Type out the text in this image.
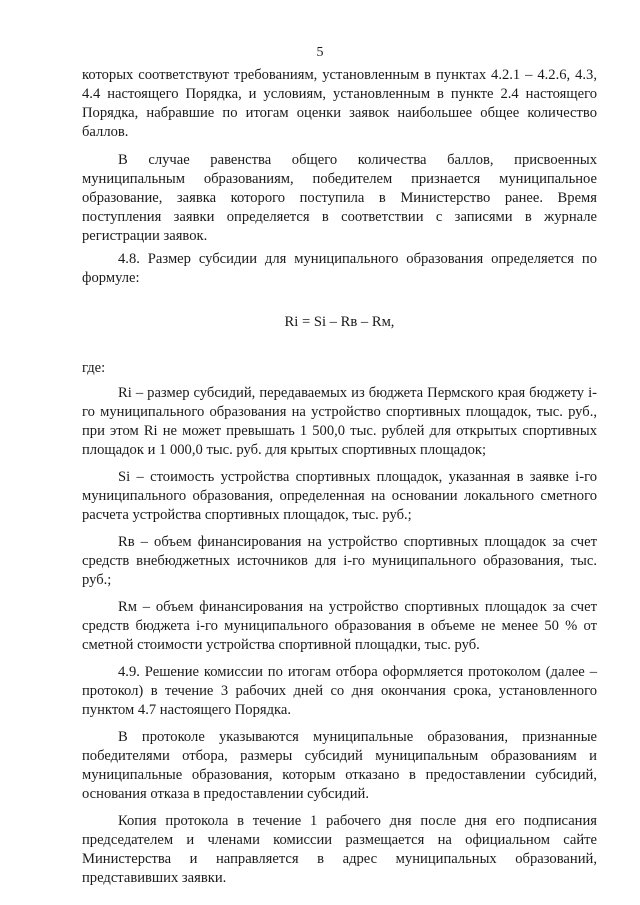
5

которых соответствуют требованиям, установленным в пунктах 4.2.1 – 4.2.6, 4.3, 4.4 настоящего Порядка, и условиям, установленным в пункте 2.4 настоящего Порядка, набравшие по итогам оценки заявок наибольшее общее количество баллов.

В случае равенства общего количества баллов, присвоенных муниципальным образованиям, победителем признается муниципальное образование, заявка которого поступила в Министерство ранее. Время поступления заявки определяется в соответствии с записями в журнале регистрации заявок.

4.8. Размер субсидии для муниципального образования определяется по формуле:

Ri = Si – Rв – Rм,

где:

Ri – размер субсидий, передаваемых из бюджета Пермского края бюджету i-го муниципального образования на устройство спортивных площадок, тыс. руб., при этом Ri не может превышать 1 500,0 тыс. рублей для открытых спортивных площадок и 1 000,0 тыс. руб. для крытых спортивных площадок;

Si – стоимость устройства спортивных площадок, указанная в заявке i-го муниципального образования, определенная на основании локального сметного расчета устройства спортивных площадок, тыс. руб.;

Rв – объем финансирования на устройство спортивных площадок за счет средств внебюджетных источников для i-го муниципального образования, тыс. руб.;

Rм – объем финансирования на устройство спортивных площадок за счет средств бюджета i-го муниципального образования в объеме не менее 50 % от сметной стоимости устройства спортивной площадки, тыс. руб.

4.9. Решение комиссии по итогам отбора оформляется протоколом (далее – протокол) в течение 3 рабочих дней со дня окончания срока, установленного пунктом 4.7 настоящего Порядка.

В протоколе указываются муниципальные образования, признанные победителями отбора, размеры субсидий муниципальным образованиям и муниципальные образования, которым отказано в предоставлении субсидий, основания отказа в предоставлении субсидий.

Копия протокола в течение 1 рабочего дня после дня его подписания председателем и членами комиссии размещается на официальном сайте Министерства и направляется в адрес муниципальных образований, представивших заявки.
